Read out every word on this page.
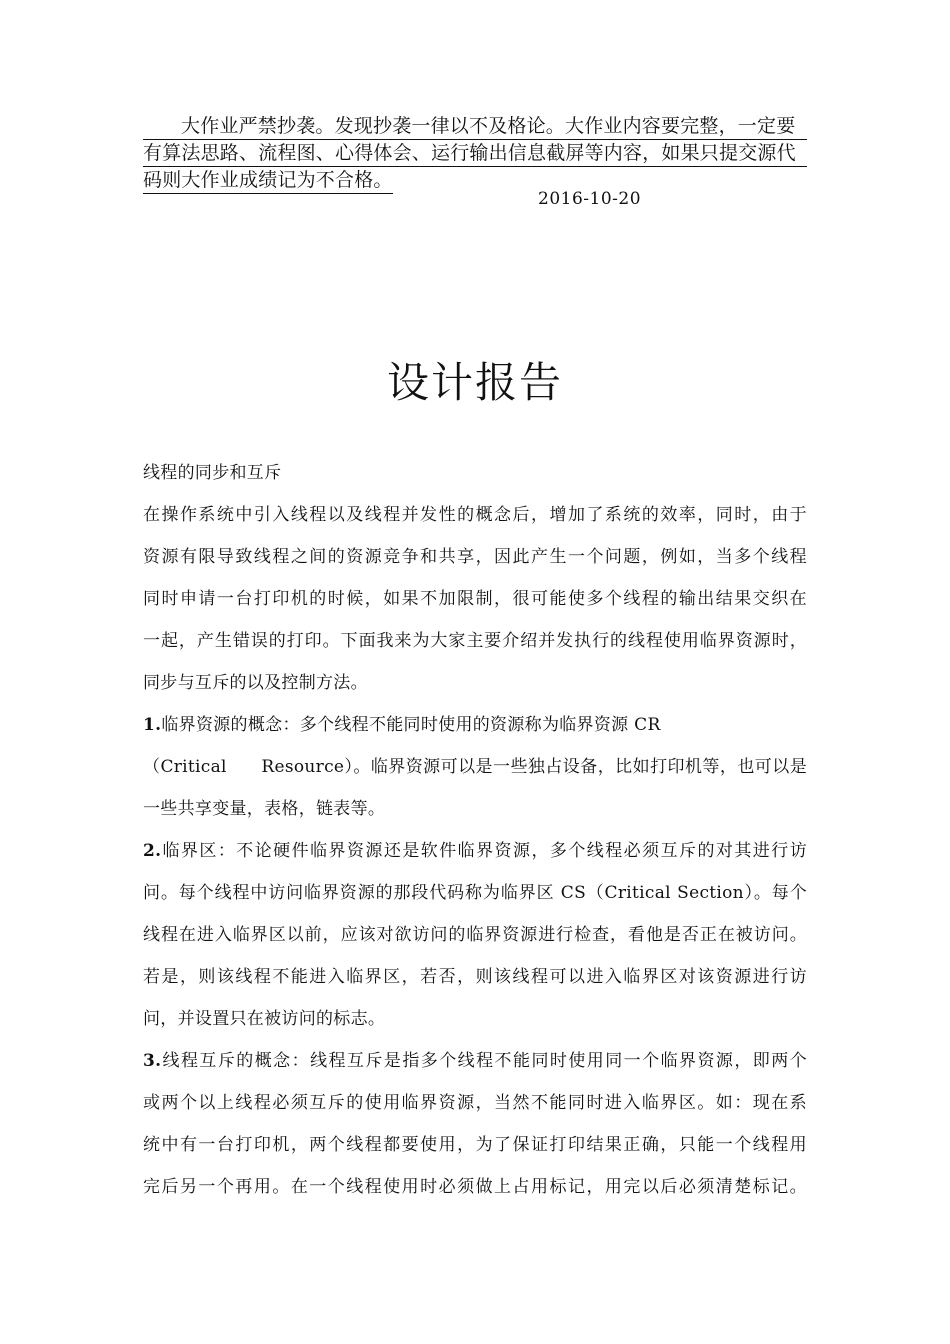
大作业严禁抄袭。发现抄袭一律以不及格论。大作业内容要完整，一定要
有算法思路、流程图、心得体会、运行输出信息截屏等内容，如果只提交源代
码则大作业成绩记为不合格。
2016-10-20
设计报告
线程的同步和互斥
在操作系统中引入线程以及线程并发性的概念后，增加了系统的效率，同时，由于
资源有限导致线程之间的资源竞争和共享，因此产生一个问题，例如，当多个线程
同时申请一台打印机的时候，如果不加限制，很可能使多个线程的输出结果交织在
一起，产生错误的打印。下面我来为大家主要介绍并发执行的线程使用临界资源时，
同步与互斥的以及控制方法。
1.临界资源的概念：多个线程不能同时使用的资源称为临界资源 CR
（Critical  Resource）。临界资源可以是一些独占设备，比如打印机等，也可以是
一些共享变量，表格，链表等。
2.临界区：不论硬件临界资源还是软件临界资源，多个线程必须互斥的对其进行访
问。每个线程中访问临界资源的那段代码称为临界区 CS（Critical Section）。每个
线程在进入临界区以前，应该对欲访问的临界资源进行检查，看他是否正在被访问。
若是，则该线程不能进入临界区，若否，则该线程可以进入临界区对该资源进行访
问，并设置只在被访问的标志。
3.线程互斥的概念：线程互斥是指多个线程不能同时使用同一个临界资源，即两个
或两个以上线程必须互斥的使用临界资源，当然不能同时进入临界区。如：现在系
统中有一台打印机，两个线程都要使用，为了保证打印结果正确，只能一个线程用
完后另一个再用。在一个线程使用时必须做上占用标记，用完以后必须清楚标记。
